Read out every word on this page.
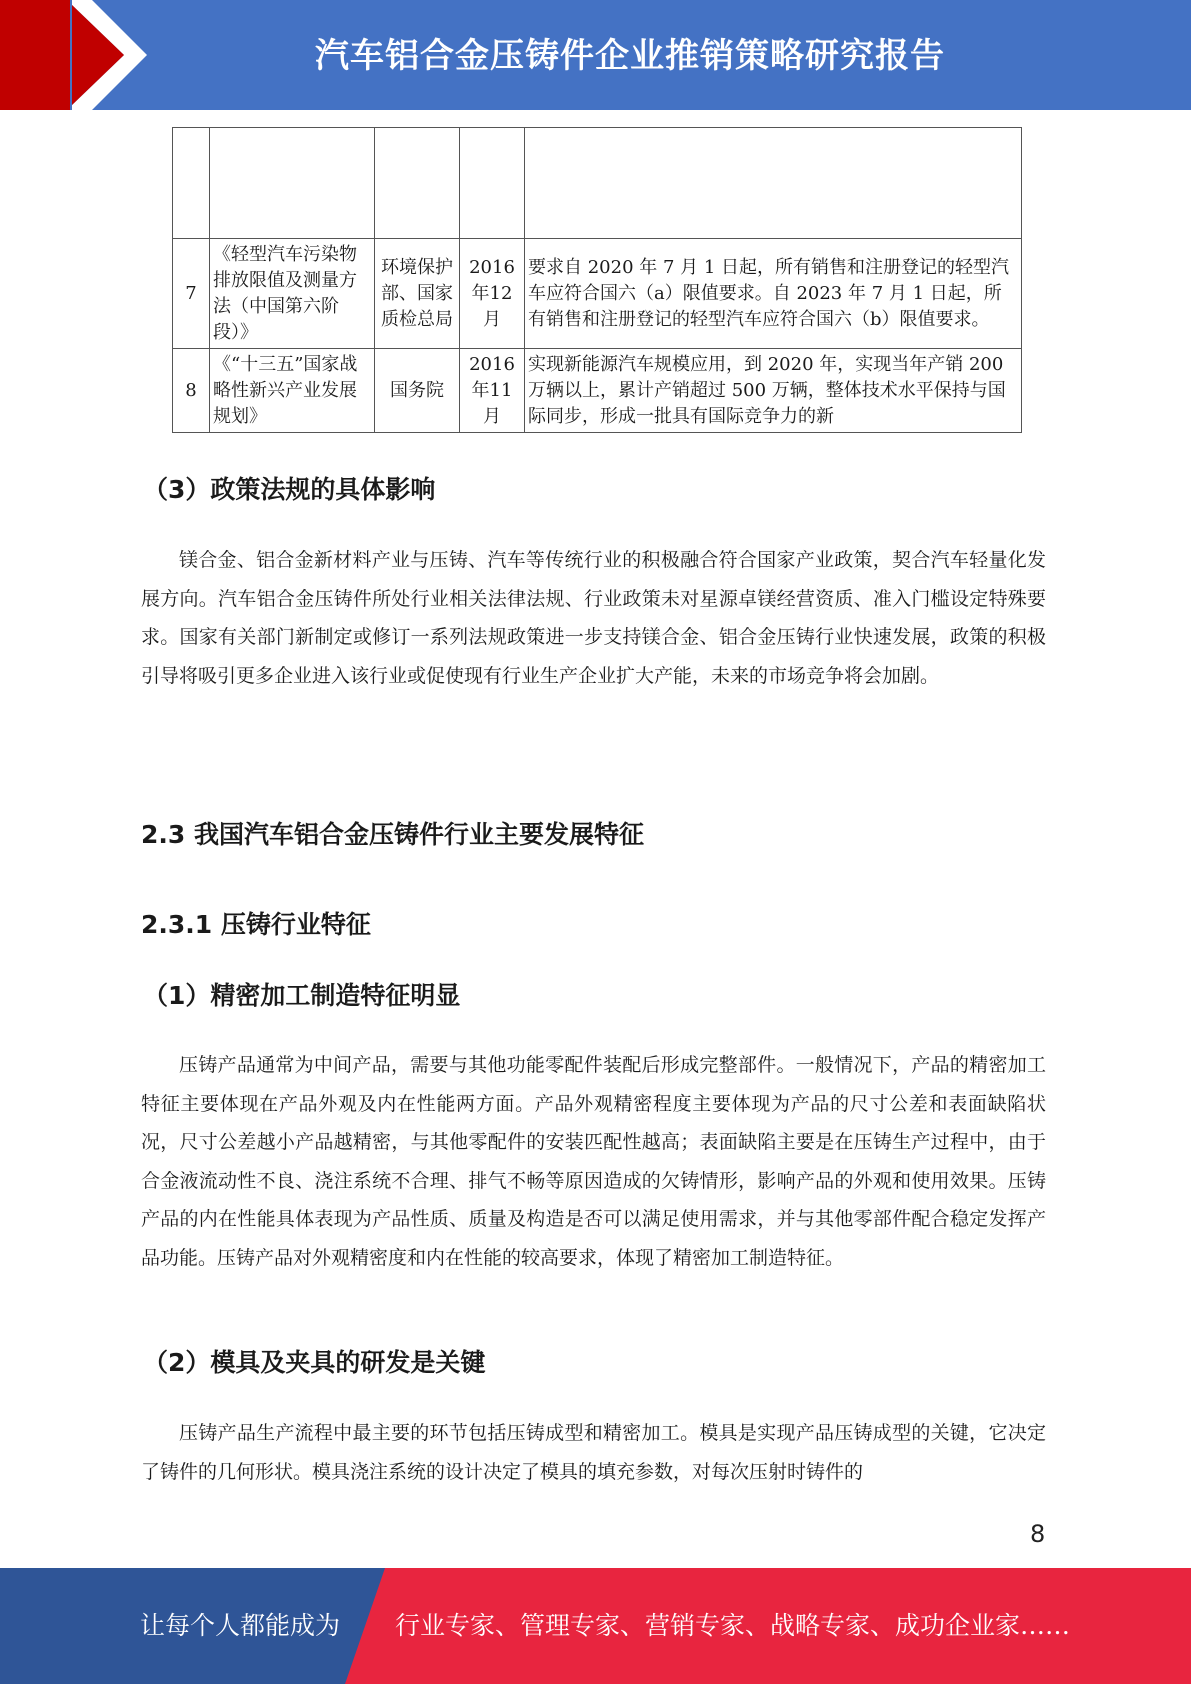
汽车铝合金压铸件企业推销策略研究报告

7	《轻型汽车污染物排放限值及测量方法（中国第六阶段）》	环境保护部、国家质检总局	2016年12月	要求自 2020 年 7 月 1 日起，所有销售和注册登记的轻型汽车应符合国六（a）限值要求。自 2023 年 7 月 1 日起，所有销售和注册登记的轻型汽车应符合国六（b）限值要求。
8	《“十三五”国家战略性新兴产业发展规划》	国务院	2016年11月	实现新能源汽车规模应用，到 2020 年，实现当年产销 200 万辆以上，累计产销超过 500 万辆，整体技术水平保持与国际同步，形成一批具有国际竞争力的新
（3）政策法规的具体影响
镁合金、铝合金新材料产业与压铸、汽车等传统行业的积极融合符合国家产业政策，契合汽车轻量化发展方向。汽车铝合金压铸件所处行业相关法律法规、行业政策未对星源卓镁经营资质、准入门槛设定特殊要求。国家有关部门新制定或修订一系列法规政策进一步支持镁合金、铝合金压铸行业快速发展，政策的积极引导将吸引更多企业进入该行业或促使现有行业生产企业扩大产能，未来的市场竞争将会加剧。
2.3 我国汽车铝合金压铸件行业主要发展特征
2.3.1 压铸行业特征
（1）精密加工制造特征明显
压铸产品通常为中间产品，需要与其他功能零配件装配后形成完整部件。一般情况下，产品的精密加工特征主要体现在产品外观及内在性能两方面。产品外观精密程度主要体现为产品的尺寸公差和表面缺陷状况，尺寸公差越小产品越精密，与其他零配件的安装匹配性越高；表面缺陷主要是在压铸生产过程中，由于合金液流动性不良、浇注系统不合理、排气不畅等原因造成的欠铸情形，影响产品的外观和使用效果。压铸产品的内在性能具体表现为产品性质、质量及构造是否可以满足使用需求，并与其他零部件配合稳定发挥产品功能。压铸产品对外观精密度和内在性能的较高要求，体现了精密加工制造特征。
（2）模具及夹具的研发是关键
压铸产品生产流程中最主要的环节包括压铸成型和精密加工。模具是实现产品压铸成型的关键，它决定了铸件的几何形状。模具浇注系统的设计决定了模具的填充参数，对每次压射时铸件的
8
让每个人都能成为 行业专家、管理专家、营销专家、战略专家、成功企业家……
